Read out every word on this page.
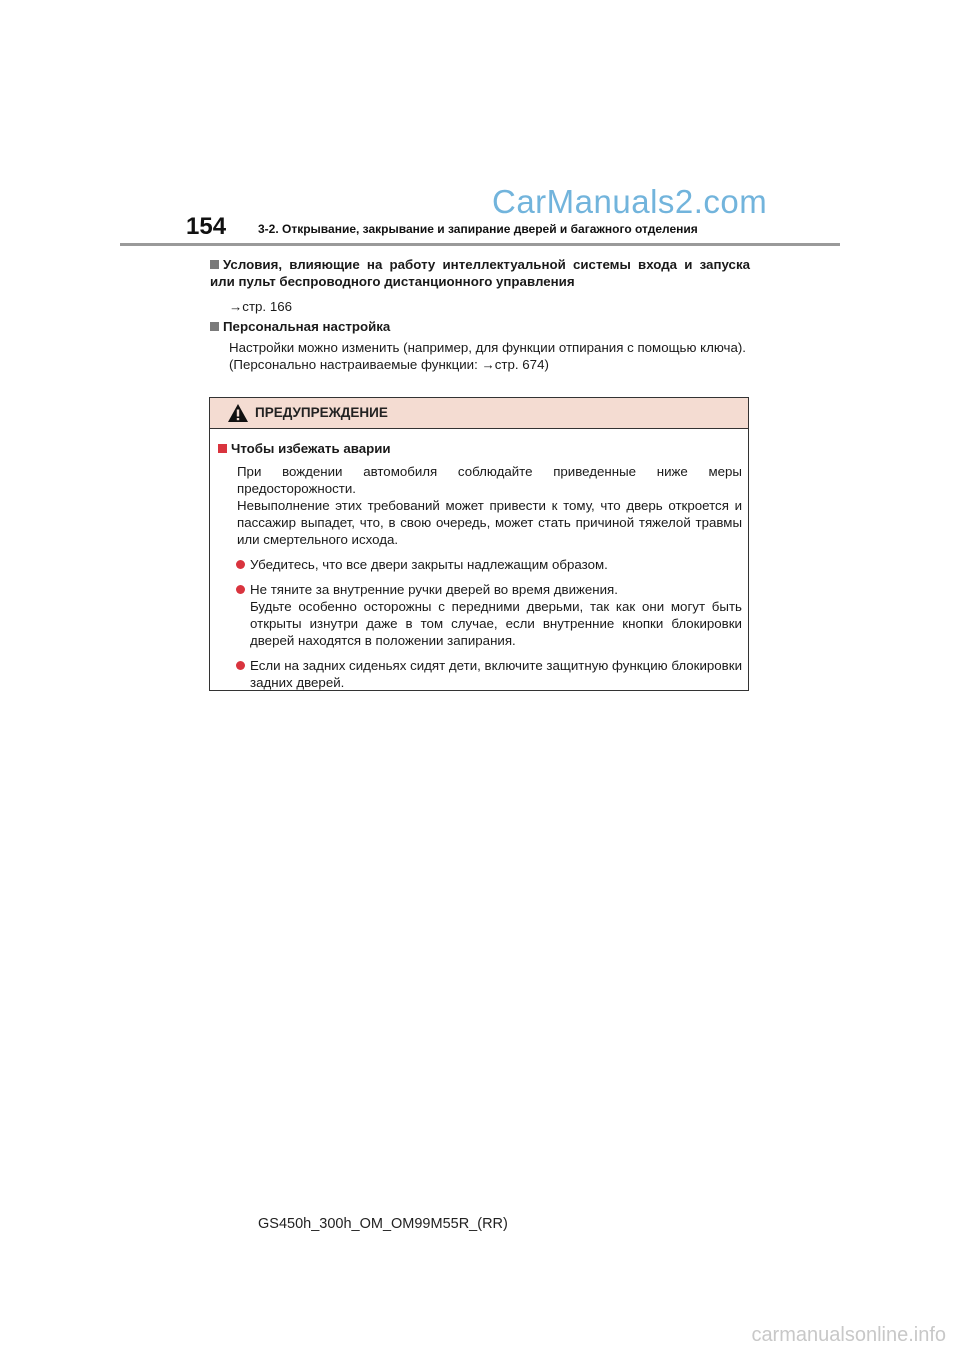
CarManuals2.com
154	3-2. Открывание, закрывание и запирание дверей и багажного отделения
Условия, влияющие на работу интеллектуальной системы входа и запуска или пульт беспроводного дистанционного управления
→стр. 166
Персональная настройка
Настройки можно изменить (например, для функции отпирания с помощью ключа).
(Персонально настраиваемые функции: →стр. 674)
ПРЕДУПРЕЖДЕНИЕ
Чтобы избежать аварии
При вождении автомобиля соблюдайте приведенные ниже меры предосторожности.
Невыполнение этих требований может привести к тому, что дверь откроется и пассажир выпадет, что, в свою очередь, может стать причиной тяжелой травмы или смертельного исхода.
Убедитесь, что все двери закрыты надлежащим образом.
Не тяните за внутренние ручки дверей во время движения.
Будьте особенно осторожны с передними дверьми, так как они могут быть открыты изнутри даже в том случае, если внутренние кнопки блокировки дверей находятся в положении запирания.
Если на задних сиденьях сидят дети, включите защитную функцию блокировки задних дверей.
GS450h_300h_OM_OM99M55R_(RR)
carmanualsonline.info
